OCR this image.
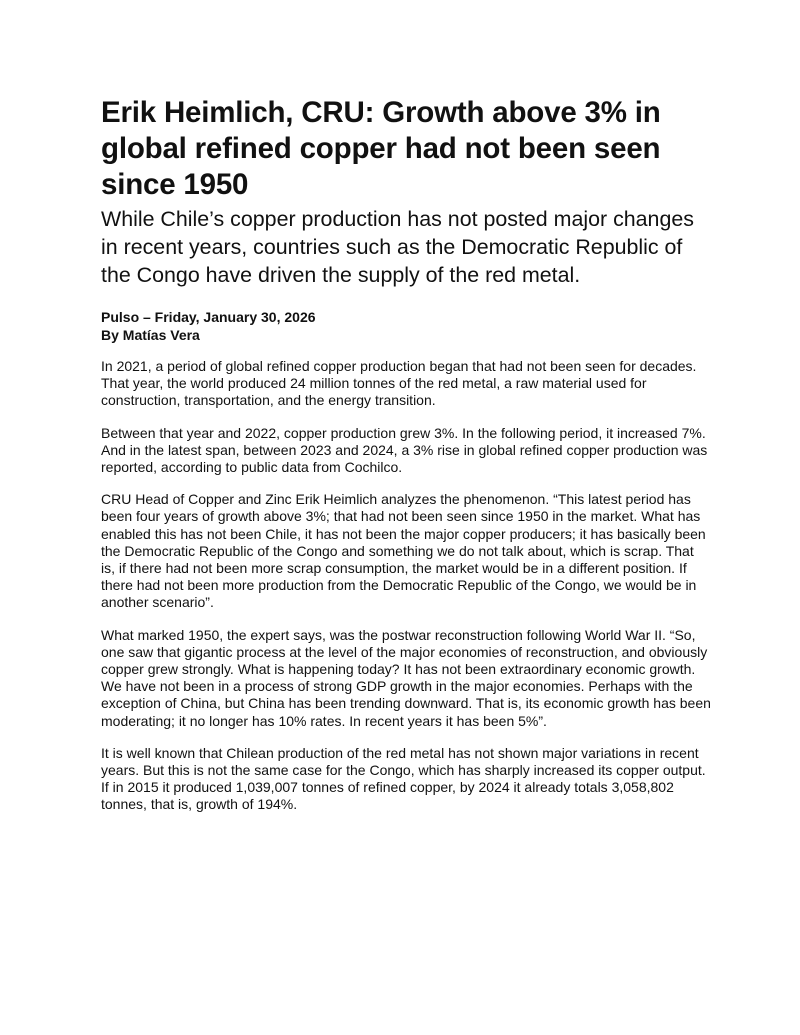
Erik Heimlich, CRU: Growth above 3% in global refined copper had not been seen since 1950
While Chile’s copper production has not posted major changes in recent years, countries such as the Democratic Republic of the Congo have driven the supply of the red metal.
Pulso – Friday, January 30, 2026
By Matías Vera

In 2021, a period of global refined copper production began that had not been seen for decades. That year, the world produced 24 million tonnes of the red metal, a raw material used for construction, transportation, and the energy transition.

Between that year and 2022, copper production grew 3%. In the following period, it increased 7%. And in the latest span, between 2023 and 2024, a 3% rise in global refined copper production was reported, according to public data from Cochilco.

CRU Head of Copper and Zinc Erik Heimlich analyzes the phenomenon. “This latest period has been four years of growth above 3%; that had not been seen since 1950 in the market. What has enabled this has not been Chile, it has not been the major copper producers; it has basically been the Democratic Republic of the Congo and something we do not talk about, which is scrap. That is, if there had not been more scrap consumption, the market would be in a different position. If there had not been more production from the Democratic Republic of the Congo, we would be in another scenario”.

What marked 1950, the expert says, was the postwar reconstruction following World War II. “So, one saw that gigantic process at the level of the major economies of reconstruction, and obviously copper grew strongly. What is happening today? It has not been extraordinary economic growth. We have not been in a process of strong GDP growth in the major economies. Perhaps with the exception of China, but China has been trending downward. That is, its economic growth has been moderating; it no longer has 10% rates. In recent years it has been 5%”.

It is well known that Chilean production of the red metal has not shown major variations in recent years. But this is not the same case for the Congo, which has sharply increased its copper output. If in 2015 it produced 1,039,007 tonnes of refined copper, by 2024 it already totals 3,058,802 tonnes, that is, growth of 194%.
